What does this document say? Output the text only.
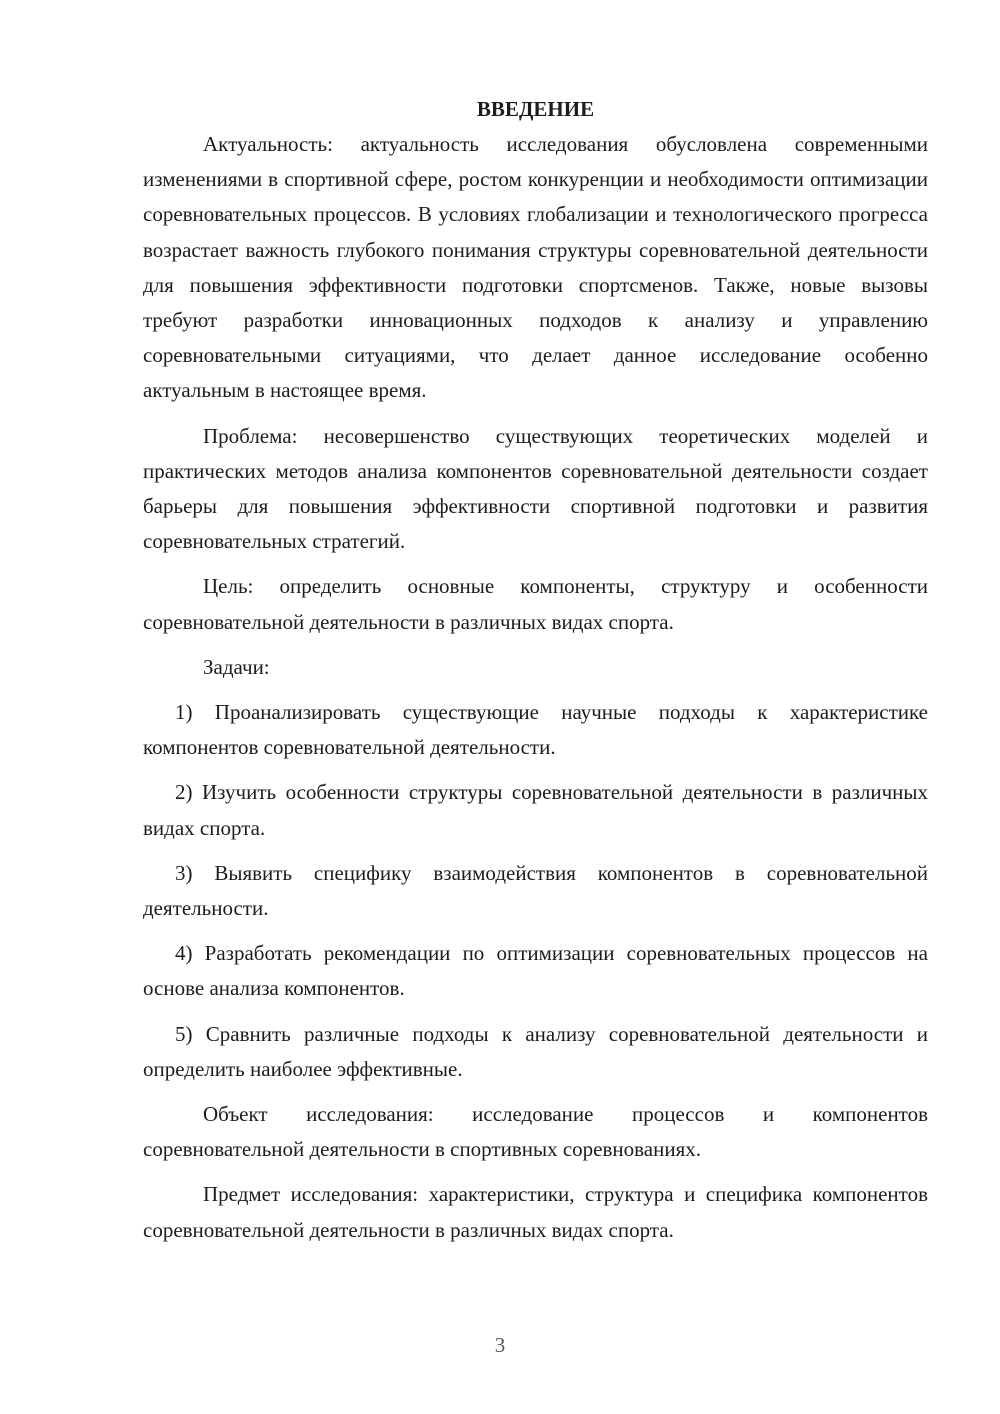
ВВЕДЕНИЕ
Актуальность: актуальность исследования обусловлена современными изменениями в спортивной сфере, ростом конкуренции и необходимости оптимизации соревновательных процессов. В условиях глобализации и технологического прогресса возрастает важность глубокого понимания структуры соревновательной деятельности для повышения эффективности подготовки спортсменов. Также, новые вызовы требуют разработки инновационных подходов к анализу и управлению соревновательными ситуациями, что делает данное исследование особенно актуальным в настоящее время.
Проблема: несовершенство существующих теоретических моделей и практических методов анализа компонентов соревновательной деятельности создает барьеры для повышения эффективности спортивной подготовки и развития соревновательных стратегий.
Цель: определить основные компоненты, структуру и особенности соревновательной деятельности в различных видах спорта.
Задачи:
1) Проанализировать существующие научные подходы к характеристике компонентов соревновательной деятельности.
2) Изучить особенности структуры соревновательной деятельности в различных видах спорта.
3) Выявить специфику взаимодействия компонентов в соревновательной деятельности.
4) Разработать рекомендации по оптимизации соревновательных процессов на основе анализа компонентов.
5) Сравнить различные подходы к анализу соревновательной деятельности и определить наиболее эффективные.
Объект исследования: исследование процессов и компонентов соревновательной деятельности в спортивных соревнованиях.
Предмет исследования: характеристики, структура и специфика компонентов соревновательной деятельности в различных видах спорта.
3
